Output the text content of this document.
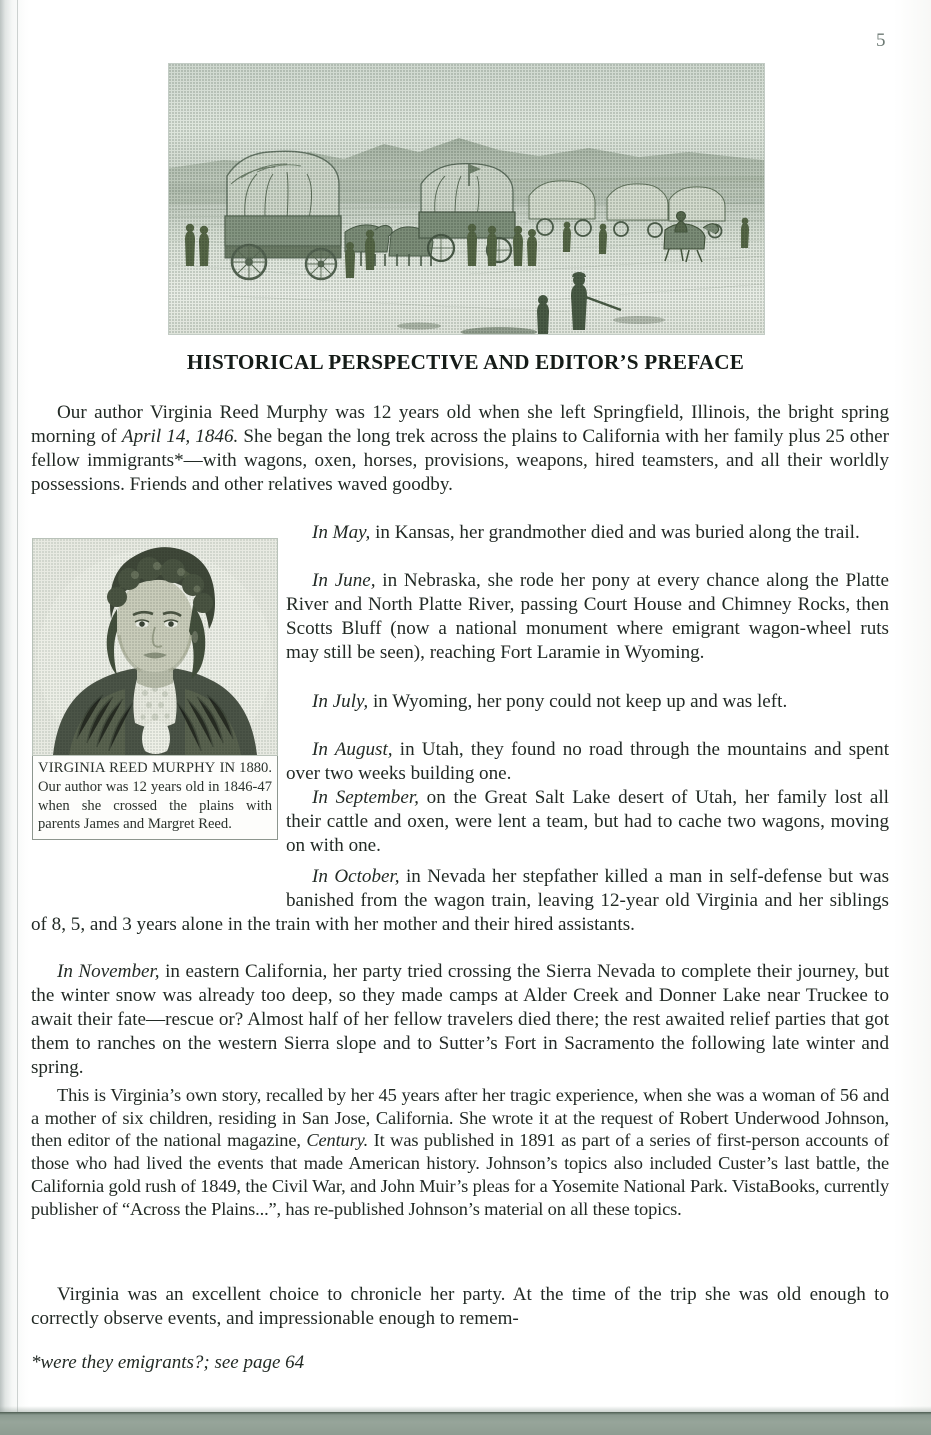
5
HISTORICAL PERSPECTIVE AND EDITOR’S PREFACE
Our author Virginia Reed Murphy was 12 years old when she left Springfield, Illinois, the bright spring morning of April 14, 1846. She began the long trek across the plains to California with her family plus 25 other fellow immigrants*—with wagons, oxen, horses, provisions, weapons, hired teamsters, and all their worldly possessions. Friends and other relatives waved goodby.
VIRGINIA REED MURPHY IN 1880. Our author was 12 years old in 1846-47 when she crossed the plains with parents James and Margret Reed.
In May, in Kansas, her grandmother died and was buried along the trail.
In June, in Nebraska, she rode her pony at every chance along the Platte River and North Platte River, passing Court House and Chimney Rocks, then Scotts Bluff (now a national monument where emigrant wagon-wheel ruts may still be seen), reaching Fort Laramie in Wyoming.
In July, in Wyoming, her pony could not keep up and was left.
In August, in Utah, they found no road through the mountains and spent over two weeks building one.
In September, on the Great Salt Lake desert of Utah, her family lost all their cattle and oxen, were lent a team, but had to cache two wagons, moving on with one.
In October, in Nevada her stepfather killed a man in self-defense but was banished from the wagon train, leaving 12-year old Virginia and her siblings of 8, 5, and 3 years alone in the train with her mother and their hired assistants.
In November, in eastern California, her party tried crossing the Sierra Nevada to complete their journey, but the winter snow was already too deep, so they made camps at Alder Creek and Donner Lake near Truckee to await their fate—rescue or? Almost half of her fellow travelers died there; the rest awaited relief parties that got them to ranches on the western Sierra slope and to Sutter’s Fort in Sacramento the following late winter and spring.
This is Virginia’s own story, recalled by her 45 years after her tragic experience, when she was a woman of 56 and a mother of six children, residing in San Jose, California. She wrote it at the request of Robert Underwood Johnson, then editor of the national magazine, Century. It was published in 1891 as part of a series of first-person accounts of those who had lived the events that made American history. Johnson’s topics also included Custer’s last battle, the California gold rush of 1849, the Civil War, and John Muir’s pleas for a Yosemite National Park. VistaBooks, currently publisher of “Across the Plains...”, has re-published Johnson’s material on all these topics.
Virginia was an excellent choice to chronicle her party. At the time of the trip she was old enough to correctly observe events, and impressionable enough to remem-
*were they emigrants?; see page 64
